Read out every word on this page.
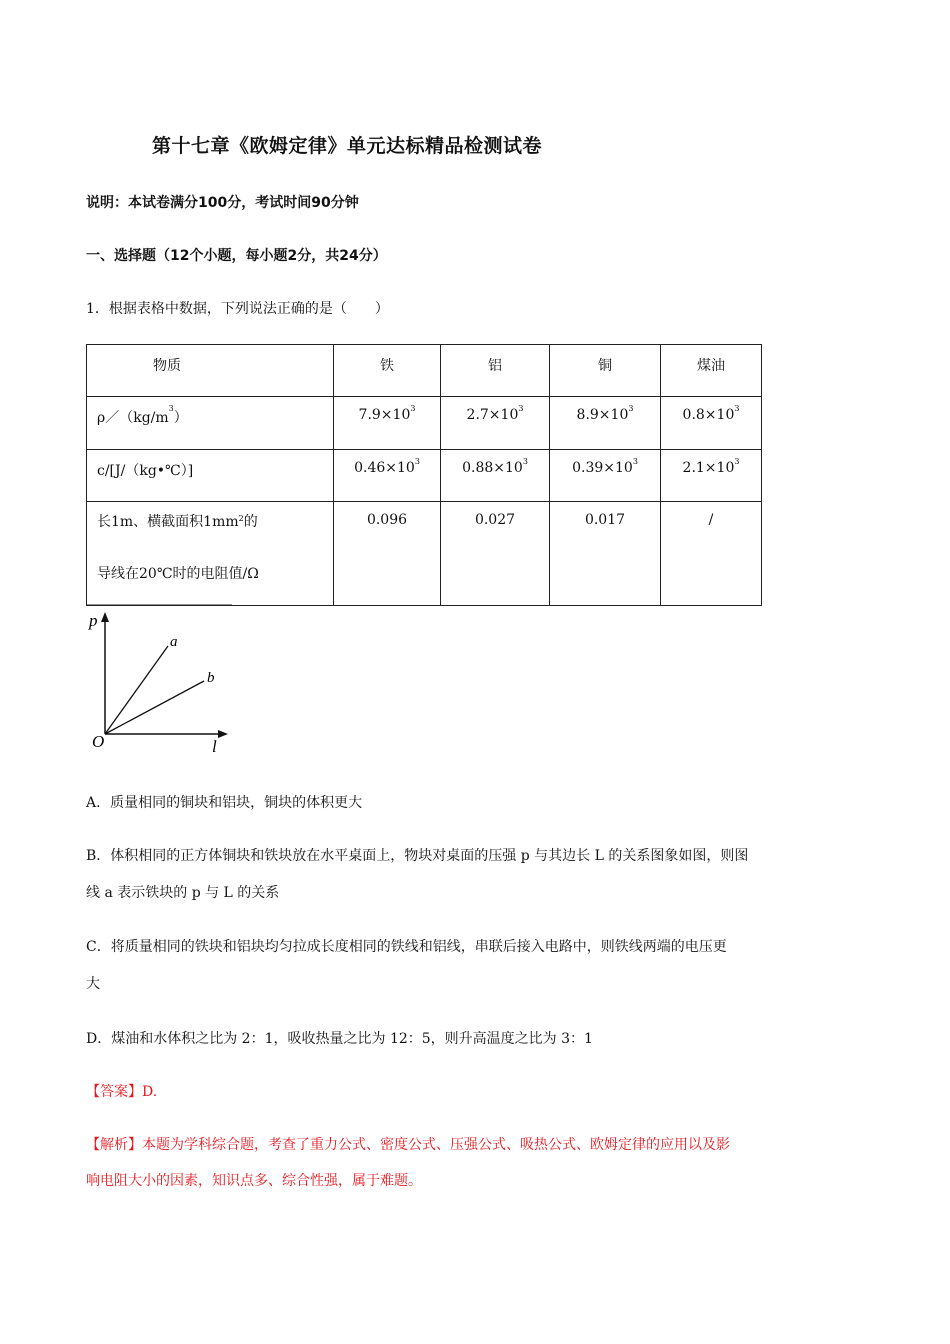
第十七章《欧姆定律》单元达标精品检测试卷
说明：本试卷满分100分，考试时间90分钟
一、选择题（12个小题，每小题2分，共24分）
1．根据表格中数据，下列说法正确的是（　　）
物质	铁	铝	铜	煤油

$\rho/(kg/m^3)$	$7.9\times 10^3$	$2.7\times 10^3$	$8.9\times 10^3$	$0.8\times 10^3$

c/[J/（kg•℃）]	$0.46\times 10^3$	$0.88\times 10^3$	$0.39\times 10^3$	$2.1\times 10^3$

长1m、横截面积$1mm^2$的
导线在20℃时的电阻值/Ω	0.096	0.027	0.017	/
p
l
O
a
b
A．质量相同的铜块和铝块，铜块的体积更大
B．体积相同的正方体铜块和铁块放在水平桌面上，物块对桌面的压强 p 与其边长 L 的关系图象如图，则图
线 a 表示铁块的 p 与 L 的关系
C．将质量相同的铁块和铝块均匀拉成长度相同的铁线和铝线，串联后接入电路中，则铁线两端的电压更
大
D．煤油和水体积之比为 2：1，吸收热量之比为 12：5，则升高温度之比为 3：1
【答案】D.
【解析】本题为学科综合题，考查了重力公式、密度公式、压强公式、吸热公式、欧姆定律的应用以及影
响电阻大小的因素，知识点多、综合性强，属于难题。
